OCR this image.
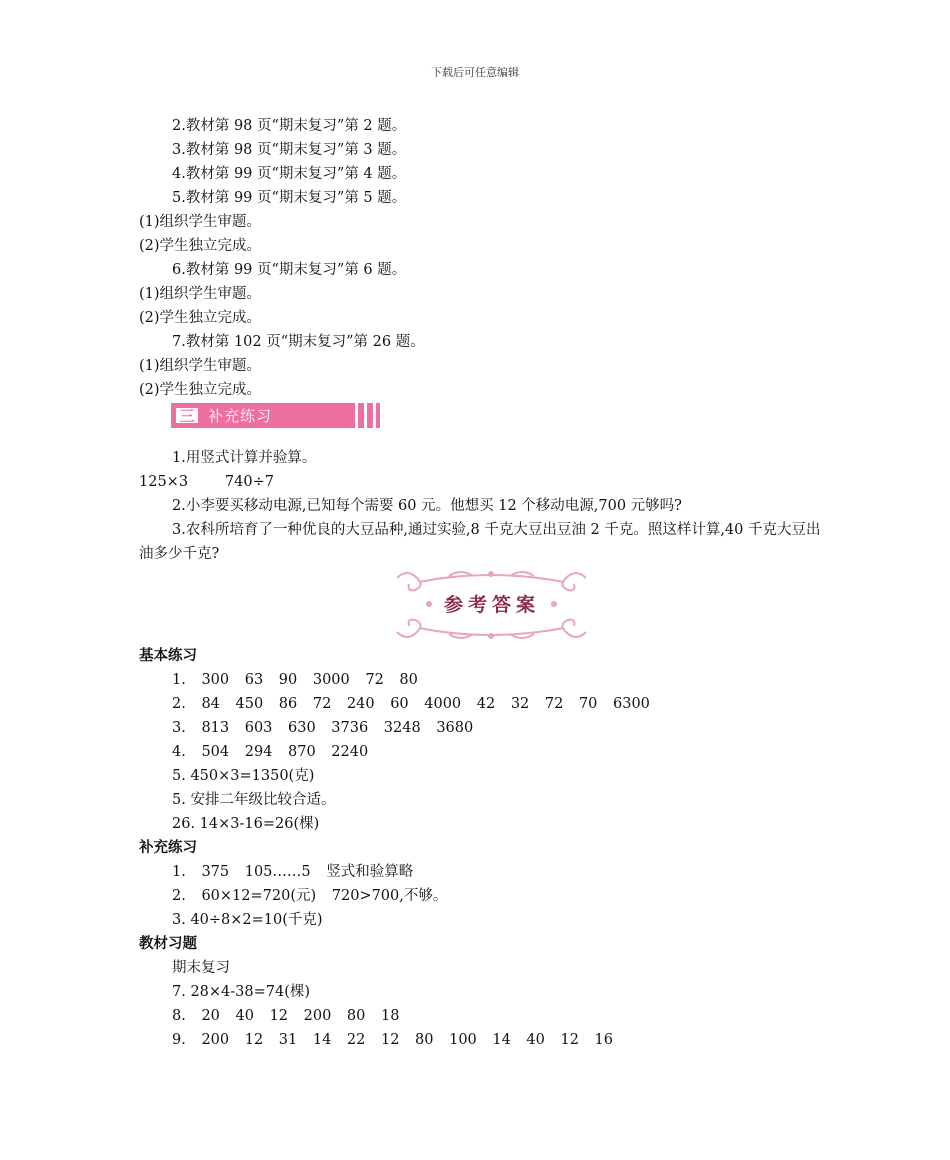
下载后可任意编辑
2.教材第 98 页“期末复习”第 2 题。
3.教材第 98 页“期末复习”第 3 题。
4.教材第 99 页“期末复习”第 4 题。
5.教材第 99 页“期末复习”第 5 题。
(1)组织学生审题。
(2)学生独立完成。
6.教材第 99 页“期末复习”第 6 题。
(1)组织学生审题。
(2)学生独立完成。
7.教材第 102 页“期末复习”第 26 题。
(1)组织学生审题。
(2)学生独立完成。
三 补充练习
1.用竖式计算并验算。
125×3        740÷7
2.小李要买移动电源,已知每个需要 60 元。他想买 12 个移动电源,700 元够吗?
3.农科所培育了一种优良的大豆品种,通过实验,8 千克大豆出豆油 2 千克。照这样计算,40 千克大豆出油多少千克?
参考答案
基本练习
1. 300 63 90 3000 72 80
2. 84 450 86 72 240 60 4000 42 32 72 70 6300
3. 813 603 630 3736 3248 3680
4. 504 294 870 2240
5. 450×3=1350(克)
5. 安排二年级比较合适。
26. 14×3-16=26(棵)
补充练习
1. 375 105……5 竖式和验算略
2. 60×12=720(元) 720>700,不够。
3. 40÷8×2=10(千克)
教材习题
期末复习
7. 28×4-38=74(棵)
8. 20 40 12 200 80 18
9. 200 12 31 14 22 12 80 100 14 40 12 16
